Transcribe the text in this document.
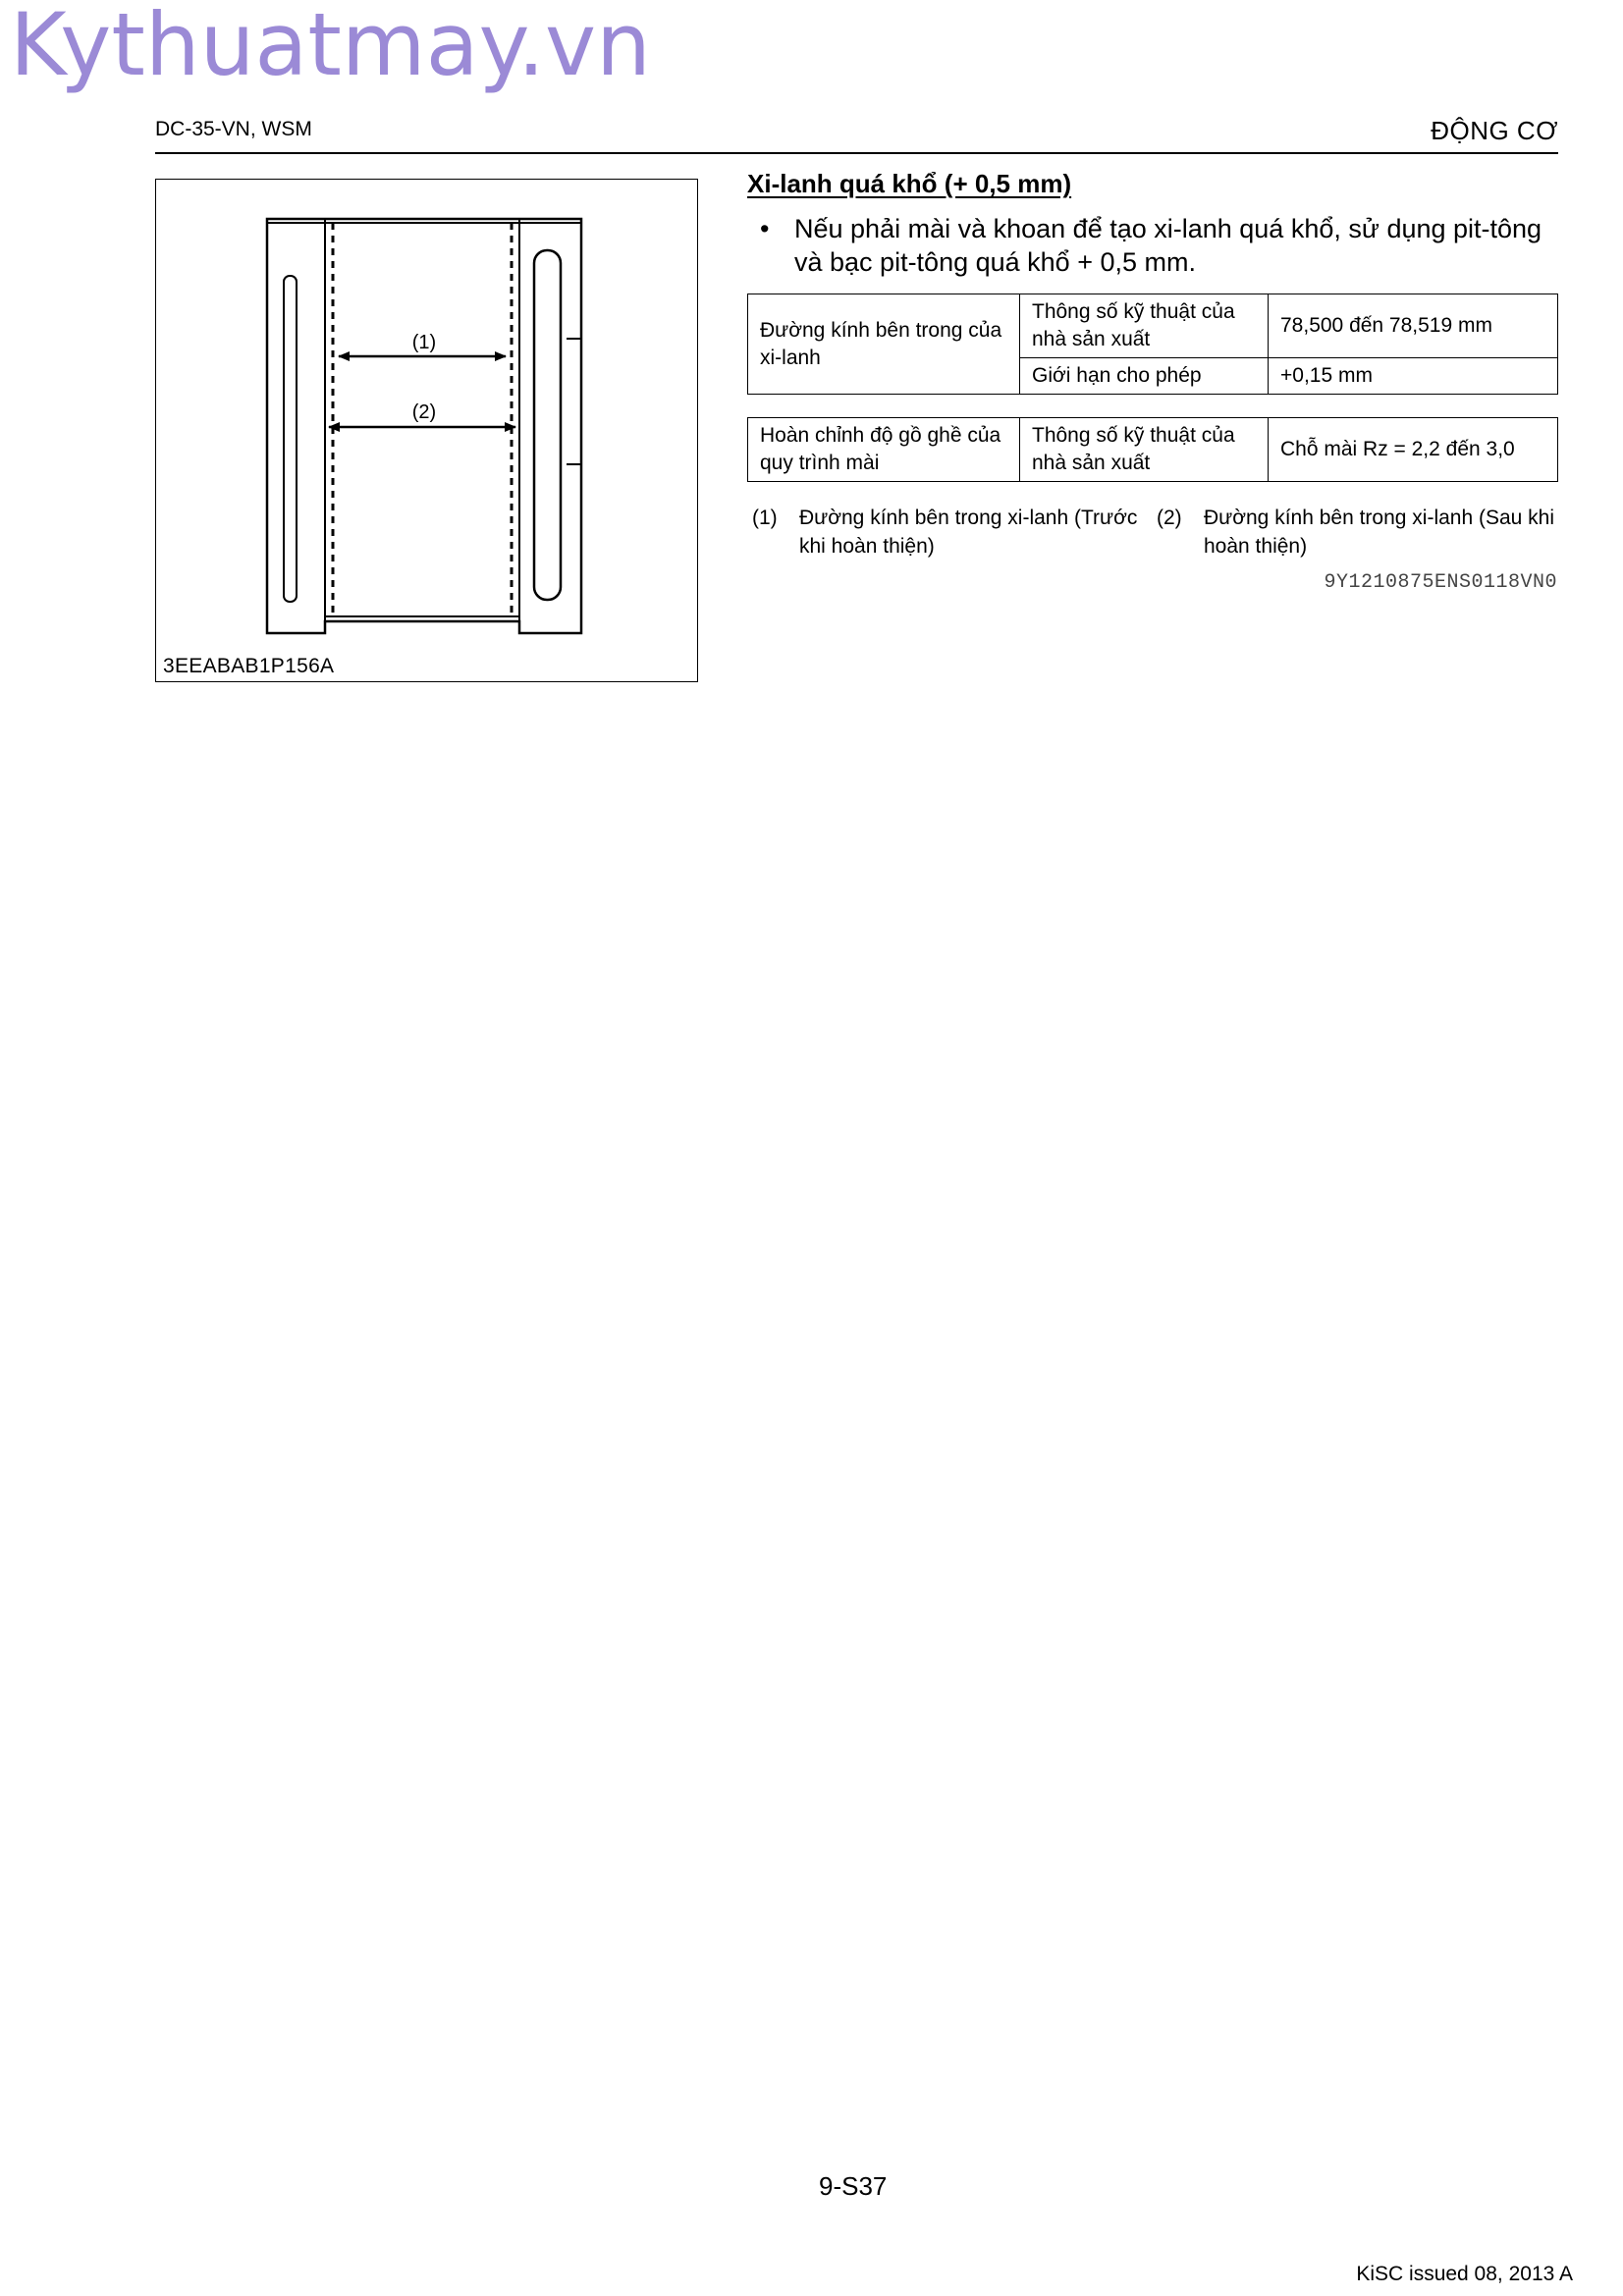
Kythuatmay.vn
DC-35-VN, WSM	ĐỘNG CƠ
(1)
(2)
3EEABAB1P156A
Xi-lanh quá khổ (+ 0,5 mm)
• Nếu phải mài và khoan để tạo xi-lanh quá khổ, sử dụng pit-tông và bạc pit-tông quá khổ + 0,5 mm.
Đường kính bên trong của xi-lanh	Thông số kỹ thuật của nhà sản xuất	78,500 đến 78,519 mm
	Giới hạn cho phép	+0,15 mm
Hoàn chỉnh độ gồ ghề của quy trình mài	Thông số kỹ thuật của nhà sản xuất	Chỗ mài Rz = 2,2 đến 3,0
(1) Đường kính bên trong xi-lanh (Trước khi hoàn thiện)
(2) Đường kính bên trong xi-lanh (Sau khi hoàn thiện)
9Y1210875ENS0118VN0
9-S37
KiSC issued 08, 2013 A
